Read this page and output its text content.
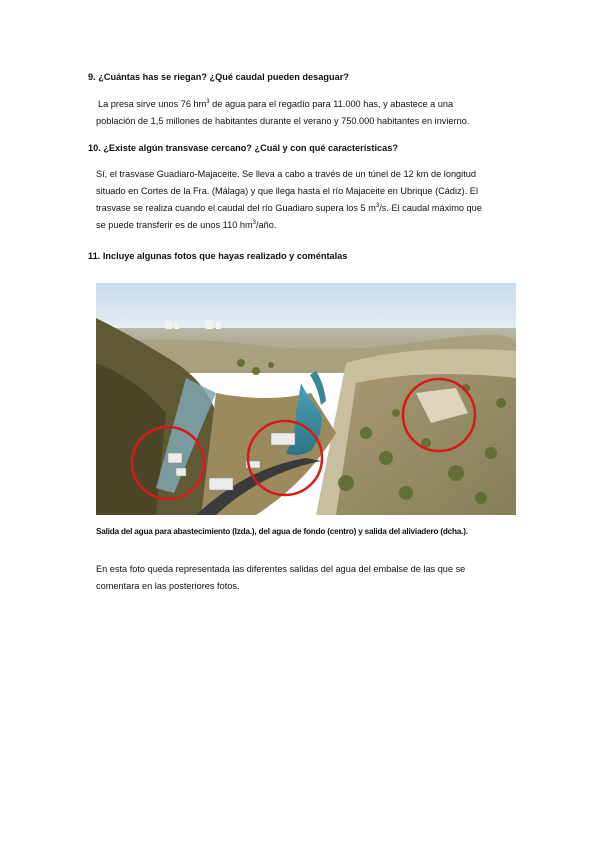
9. ¿Cuántas has se riegan? ¿Qué caudal pueden desaguar?

La presa sirve unos 76 $hm^3$ de agua para el regadío para 11.000 has, y abastece a una

población de 1,5 millones de habitantes durante el verano y 750.000 habitantes en invierno.

10. ¿Existe algún transvase cercano? ¿Cuál y con qué características?

Sí, el trasvase Guadiaro-Majaceite. Se lleva a cabo a través de un túnel de 12 km de longitud

situado en Cortes de la Fra. (Málaga) y que llega hasta el río Majaceite en Ubrique (Cádiz). El

trasvase se realiza cuando el caudal del río Guadiaro supera los 5 $m^3/s$. El caudal máximo que

se puede transferir es de unos 110 $hm^3$/año.

11. Incluye algunas fotos que hayas realizado y coméntalas
Salida del agua para abastecimiento (Izda.), del agua de fondo (centro) y salida del aliviadero (dcha.).
En esta foto queda representada las diferentes salidas del agua del embalse de las que se
comentara en las posteriores fotos.
